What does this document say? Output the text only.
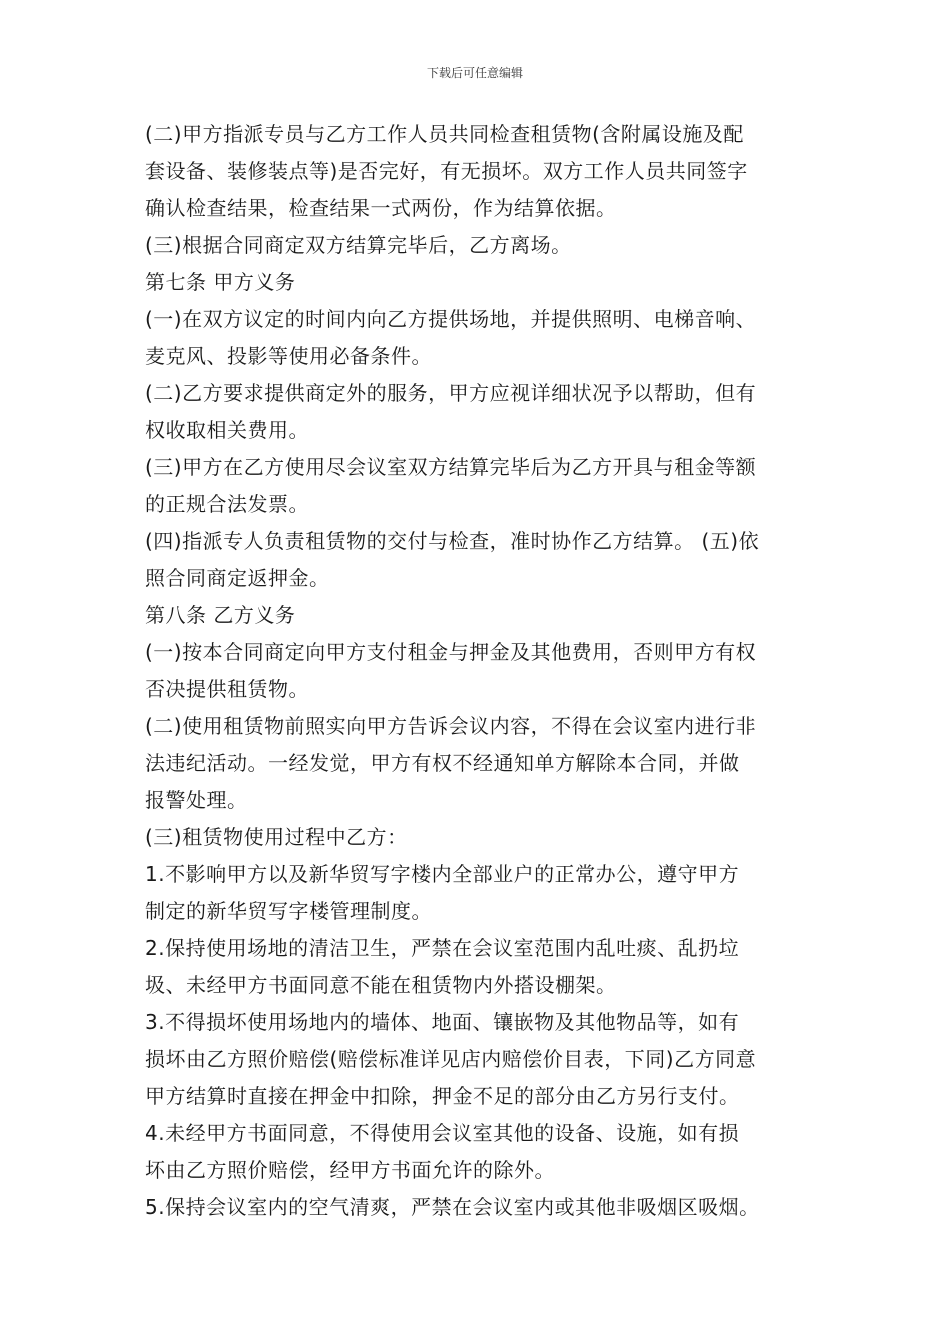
下载后可任意编辑
(二)甲方指派专员与乙方工作人员共同检查租赁物(含附属设施及配
套设备、装修装点等)是否完好，有无损坏。双方工作人员共同签字
确认检查结果，检查结果一式两份，作为结算依据。
(三)根据合同商定双方结算完毕后，乙方离场。
第七条 甲方义务
(一)在双方议定的时间内向乙方提供场地，并提供照明、电梯音响、
麦克风、投影等使用必备条件。
(二)乙方要求提供商定外的服务，甲方应视详细状况予以帮助，但有
权收取相关费用。
(三)甲方在乙方使用尽会议室双方结算完毕后为乙方开具与租金等额
的正规合法发票。
(四)指派专人负责租赁物的交付与检查，准时协作乙方结算。 (五)依
照合同商定返押金。
第八条 乙方义务
(一)按本合同商定向甲方支付租金与押金及其他费用，否则甲方有权
否决提供租赁物。
(二)使用租赁物前照实向甲方告诉会议内容，不得在会议室内进行非
法违纪活动。一经发觉，甲方有权不经通知单方解除本合同，并做
报警处理。
(三)租赁物使用过程中乙方：
1.不影响甲方以及新华贸写字楼内全部业户的正常办公，遵守甲方
制定的新华贸写字楼管理制度。
2.保持使用场地的清洁卫生，严禁在会议室范围内乱吐痰、乱扔垃
圾、未经甲方书面同意不能在租赁物内外搭设棚架。
3.不得损坏使用场地内的墙体、地面、镶嵌物及其他物品等，如有
损坏由乙方照价赔偿(赔偿标准详见店内赔偿价目表，下同)乙方同意
甲方结算时直接在押金中扣除，押金不足的部分由乙方另行支付。
4.未经甲方书面同意，不得使用会议室其他的设备、设施，如有损
坏由乙方照价赔偿，经甲方书面允许的除外。
5.保持会议室内的空气清爽，严禁在会议室内或其他非吸烟区吸烟。
